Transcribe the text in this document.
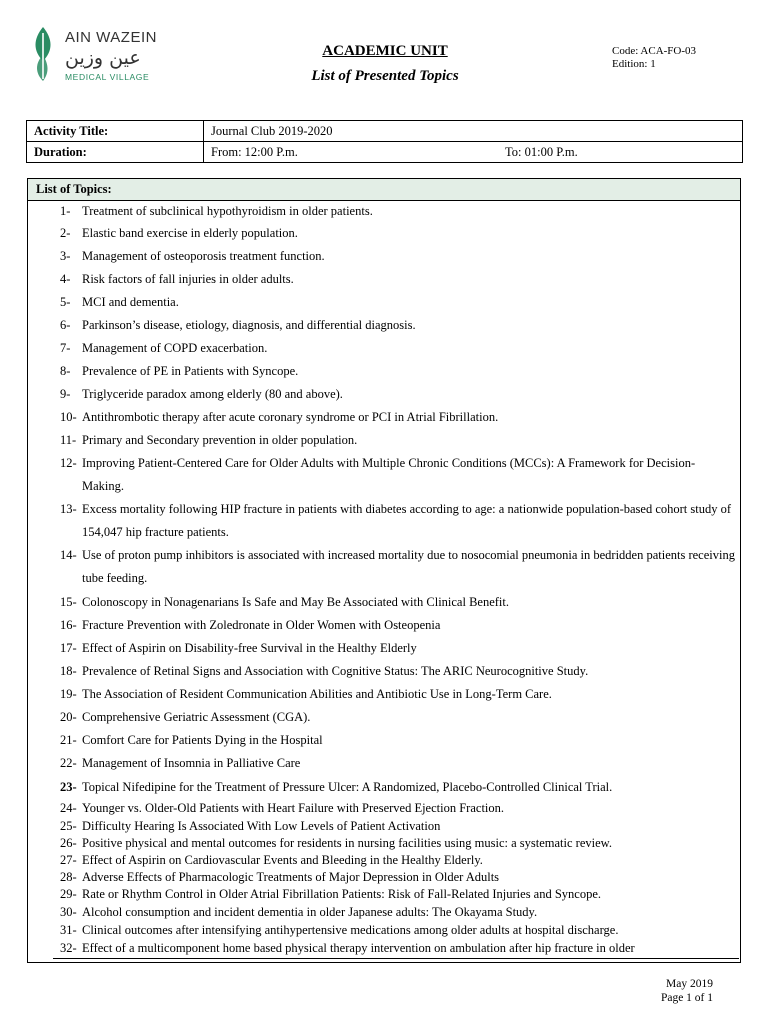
AIN WAZEIN
عين وزين
MEDICAL VILLAGE
ACADEMIC UNIT
List of Presented Topics
Code: ACA-FO-03
Edition: 1
Activity Title:	Journal Club 2019-2020
Duration:	From: 12:00 P.m. To: 01:00 P.m.
List of Topics:
1- Treatment of subclinical hypothyroidism in older patients.
2- Elastic band exercise in elderly population.
3- Management of osteoporosis treatment function.
4- Risk factors of fall injuries in older adults.
5- MCI and dementia.
6- Parkinson’s disease, etiology, diagnosis, and differential diagnosis.
7- Management of COPD exacerbation.
8- Prevalence of PE in Patients with Syncope.
9- Triglyceride paradox among elderly (80 and above).
10- Antithrombotic therapy after acute coronary syndrome or PCI in Atrial Fibrillation.
11- Primary and Secondary prevention in older population.
12- Improving Patient-Centered Care for Older Adults with Multiple Chronic Conditions (MCCs): A Framework for Decision-Making.
13- Excess mortality following HIP fracture in patients with diabetes according to age: a nationwide population-based cohort study of 154,047 hip fracture patients.
14- Use of proton pump inhibitors is associated with increased mortality due to nosocomial pneumonia in bedridden patients receiving tube feeding.
15- Colonoscopy in Nonagenarians Is Safe and May Be Associated with Clinical Benefit.
16- Fracture Prevention with Zoledronate in Older Women with Osteopenia
17- Effect of Aspirin on Disability-free Survival in the Healthy Elderly
18- Prevalence of Retinal Signs and Association with Cognitive Status: The ARIC Neurocognitive Study.
19- The Association of Resident Communication Abilities and Antibiotic Use in Long-Term Care.
20- Comprehensive Geriatric Assessment (CGA).
21- Comfort Care for Patients Dying in the Hospital
22- Management of Insomnia in Palliative Care
23- Topical Nifedipine for the Treatment of Pressure Ulcer: A Randomized, Placebo-Controlled Clinical Trial.
24- Younger vs. Older-Old Patients with Heart Failure with Preserved Ejection Fraction.
25- Difficulty Hearing Is Associated With Low Levels of Patient Activation
26- Positive physical and mental outcomes for residents in nursing facilities using music: a systematic review.
27- Effect of Aspirin on Cardiovascular Events and Bleeding in the Healthy Elderly.
28- Adverse Effects of Pharmacologic Treatments of Major Depression in Older Adults
29- Rate or Rhythm Control in Older Atrial Fibrillation Patients: Risk of Fall-Related Injuries and Syncope.
30- Alcohol consumption and incident dementia in older Japanese adults: The Okayama Study.
31- Clinical outcomes after intensifying antihypertensive medications among older adults at hospital discharge.
32- Effect of a multicomponent home based physical therapy intervention on ambulation after hip fracture in older
May 2019
Page 1 of 1
